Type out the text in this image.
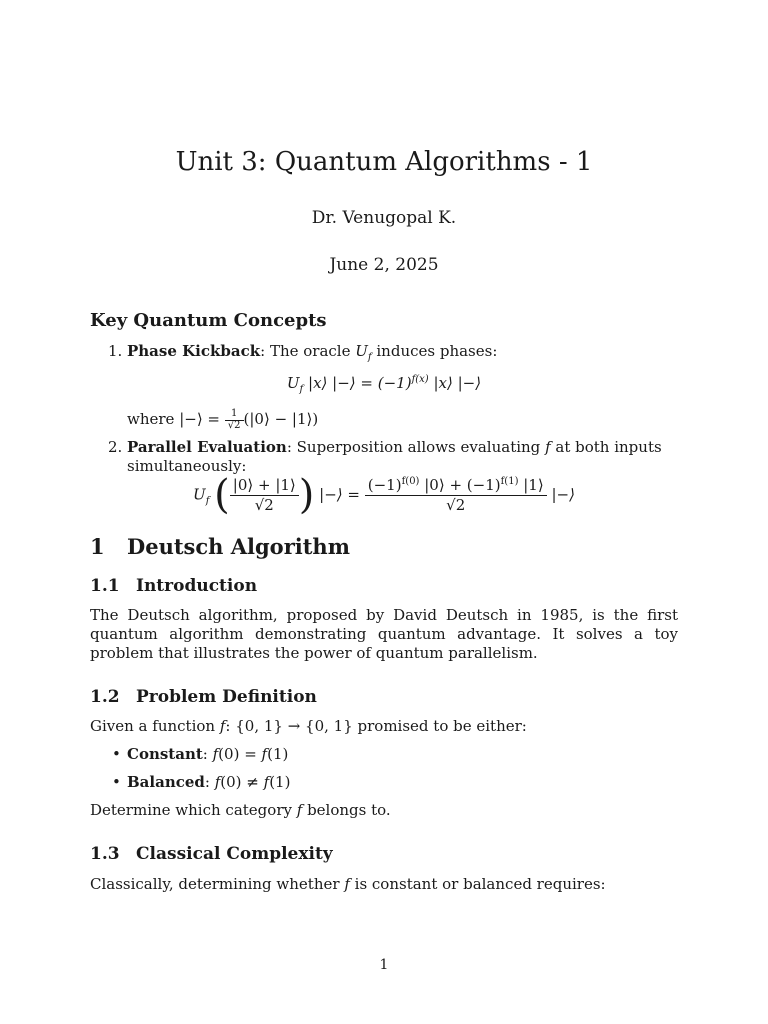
Unit 3: Quantum Algorithms - 1
Dr. Venugopal K.
June 2, 2025
Key Quantum Concepts
1. Phase Kickback: The oracle $U_f$ induces phases:
$U_f$ |x⟩ |−⟩ = $(-1)^{f(x)}$ |x⟩ |−⟩
where |−⟩ = $\frac{1}{√2}$ (|0⟩ − |1⟩)
2. Parallel Evaluation: Superposition allows evaluating f at both inputs simultaneously:
$U_f$ ( $\frac{|0⟩ + |1⟩}{√2}$ ) |−⟩ = $\frac{(-1)^{f(0)} |0⟩ + (-1)^{f(1)} |1⟩}{√2}$ |−⟩
1 Deutsch Algorithm
1.1 Introduction
The Deutsch algorithm, proposed by David Deutsch in 1985, is the first quantum algorithm demonstrating quantum advantage. It solves a toy problem that illustrates the power of quantum parallelism.
1.2 Problem Definition
Given a function f: {0, 1} → {0, 1} promised to be either:
• Constant: f(0) = f(1)
• Balanced: f(0) ≠ f(1)
Determine which category f belongs to.
1.3 Classical Complexity
Classically, determining whether f is constant or balanced requires:
1
